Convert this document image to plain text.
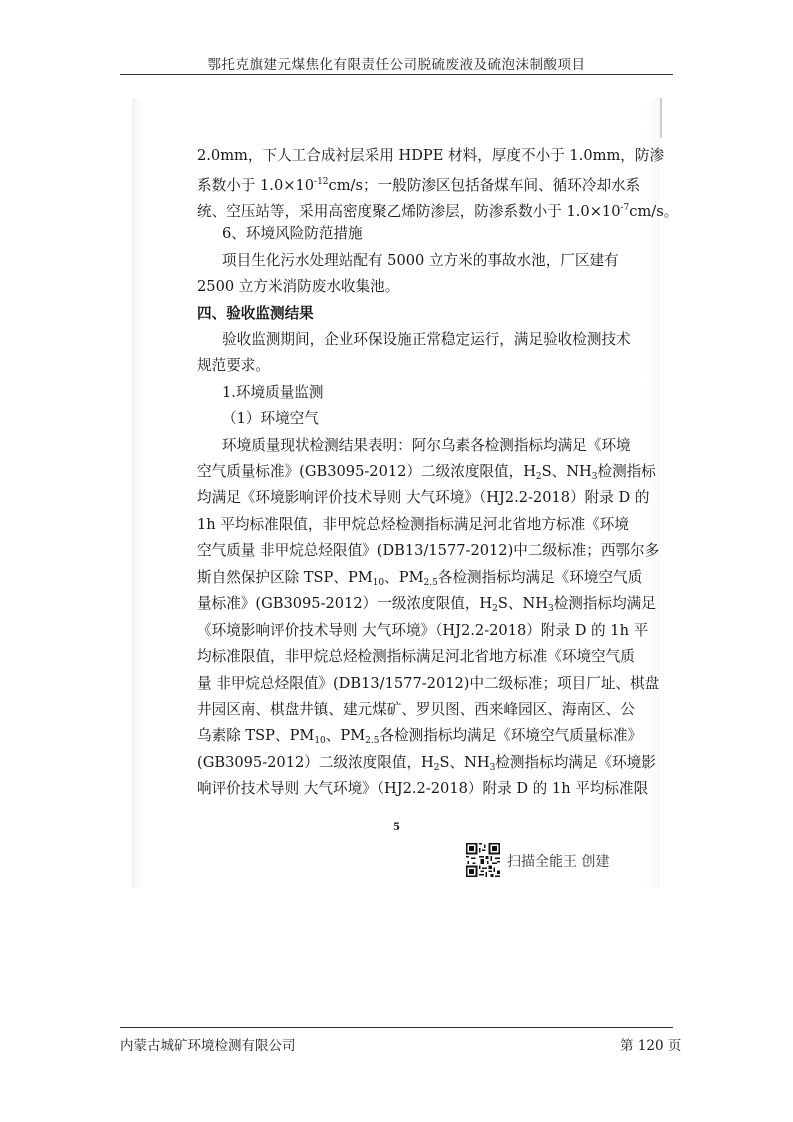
鄂托克旗建元煤焦化有限责任公司脱硫废液及硫泡沫制酸项目
2.0mm，下人工合成衬层采用 HDPE 材料，厚度不小于 1.0mm，防渗
系数小于 $1.0\times 10^{-12}cm/s$；一般防渗区包括备煤车间、循环冷却水系
统、空压站等，采用高密度聚乙烯防渗层，防渗系数小于 $1.0\times 10^{-7}cm/s$。
6、环境风险防范措施
项目生化污水处理站配有 5000 立方米的事故水池，厂区建有
2500 立方米消防废水收集池。
四、验收监测结果
验收监测期间，企业环保设施正常稳定运行，满足验收检测技术
规范要求。
1.环境质量监测
（1）环境空气
环境质量现状检测结果表明：阿尔乌素各检测指标均满足《环境
空气质量标准》(GB3095-2012）二级浓度限值，$H_2S$、$NH_3$检测指标
均满足《环境影响评价技术导则 大气环境》（HJ2.2-2018）附录 D 的
1h 平均标准限值，非甲烷总烃检测指标满足河北省地方标准《环境
空气质量 非甲烷总烃限值》(DB13/1577-2012)中二级标准；西鄂尔多
斯自然保护区除 TSP、$PM_{10}$、$PM_{2.5}$各检测指标均满足《环境空气质
量标准》(GB3095-2012）一级浓度限值，$H_2S$、$NH_3$检测指标均满足
《环境影响评价技术导则 大气环境》（HJ2.2-2018）附录 D 的 1h 平
均标准限值，非甲烷总烃检测指标满足河北省地方标准《环境空气质
量 非甲烷总烃限值》(DB13/1577-2012)中二级标准；项目厂址、棋盘
井园区南、棋盘井镇、建元煤矿、罗贝图、西来峰园区、海南区、公
乌素除 TSP、$PM_{10}$、$PM_{2.5}$各检测指标均满足《环境空气质量标准》
(GB3095-2012）二级浓度限值，$H_2S$、$NH_3$检测指标均满足《环境影
响评价技术导则 大气环境》（HJ2.2-2018）附录 D 的 1h 平均标准限
5
扫描全能王 创建
内蒙古城矿环境检测有限公司	第 120 页
